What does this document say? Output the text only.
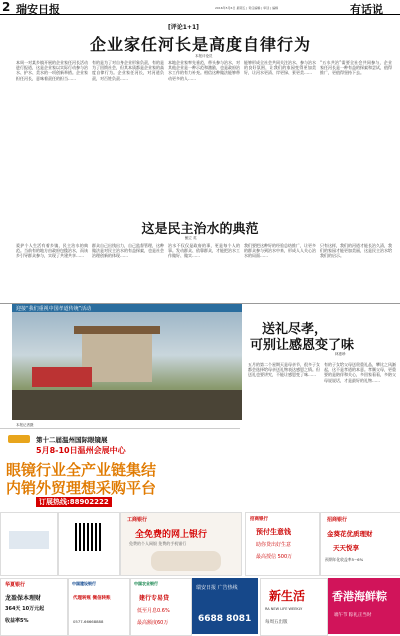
2 瑞安日报	2016年5月6日 星期五 | 责任编辑 | 审读 | 编辑	有话说
[评论1+1]
企业家任河长是高度自律行为
本报评论员
本周一对某乡镇开展的企业家任河长活动进行报道，这是企业家以实际行动参与治水、护水、美水的一项创新举措。企业家担任河长，意味着责任的担当……
有的是为了对自身企业形象负责，有的是为了回馈社会，但其本质都是企业家的高度自律行为。企业家任河长，对河道负责，对百姓负责……
本地企业家率先垂范，带头参与治水，对其他企业是一种示范和激励，也是政府治水工作的有力补充。相信这种做法能够带动更多的人……
能够形成全社会共同关注治水、参与治水的良好氛围，让我们的家园变得更加美好，让河水更清、岸更绿、景更美……
“五水共治”需要全社会共同参与，企业家任河长是一种有益的探索和尝试，值得推广，更值得坚持下去。
这是民主治水的典范
鲍立 英
爱护个人生活有着乡镇，民主治水的典范。当前有的地方由政府包揽治水，而该乡引导群众参与，实现了共建共享……
群众自己出钱出力，自己监督管理，这种做法是对民主治水的有益探索，也是社会治理创新的体现……
治水不仅仅是政府的事，更是每个人的事。发动群众、依靠群众，才能把治水工作做好、做实……
我们要把这种好的经验总结推广，让更多的群众参与到治水中来，形成人人关心治水的局面……
只有这样，我们的河道才能长治久清，我们的家园才能更加美丽，这是民主治水给我们的启示。
迎接“我们重视中国孝道传统”活动
本报记者摄
送礼尽孝，
可别让感恩变了味
林惠珍
五月的第二个星期天是母亲节，很多子女都会选择给母亲送礼物表达感恩之情。但送礼也要讲究，不能让感恩变了味……
有的子女给父母送贵重礼品，攀比之风渐起，这不是孝道的本意。孝顺父母，更重要的是陪伴和关心，多回家看看，多陪父母说说话，才是最好的礼物……
第十二届温州国际眼镜展
5月8-10日温州会展中心
眼镜行业全产业链集结
内销外贸理想采购平台
订展热线:88902222
工商银行
全免费的网上银行
免费的个人网银 免费的手机银行
招商银行
金葵花优质理财
天天悦享
预期年化收益率5~6%
招商银行
预付生意钱
助你贷出好生意
最高授信 500万
华夏银行
龙盈保本理财
364天 10万元起
收益率5%
中国建设银行
代理转账 微信转账
0577-66668888
中国农业银行
建行专易贷
低至月息0.6%
最高额度60万
瑞安日报 广告热线
6688 8081
新生活
RA NEW LIFE WEEKLY
每周五出版
香港海鲜粽
端午节 粽礼正当时
